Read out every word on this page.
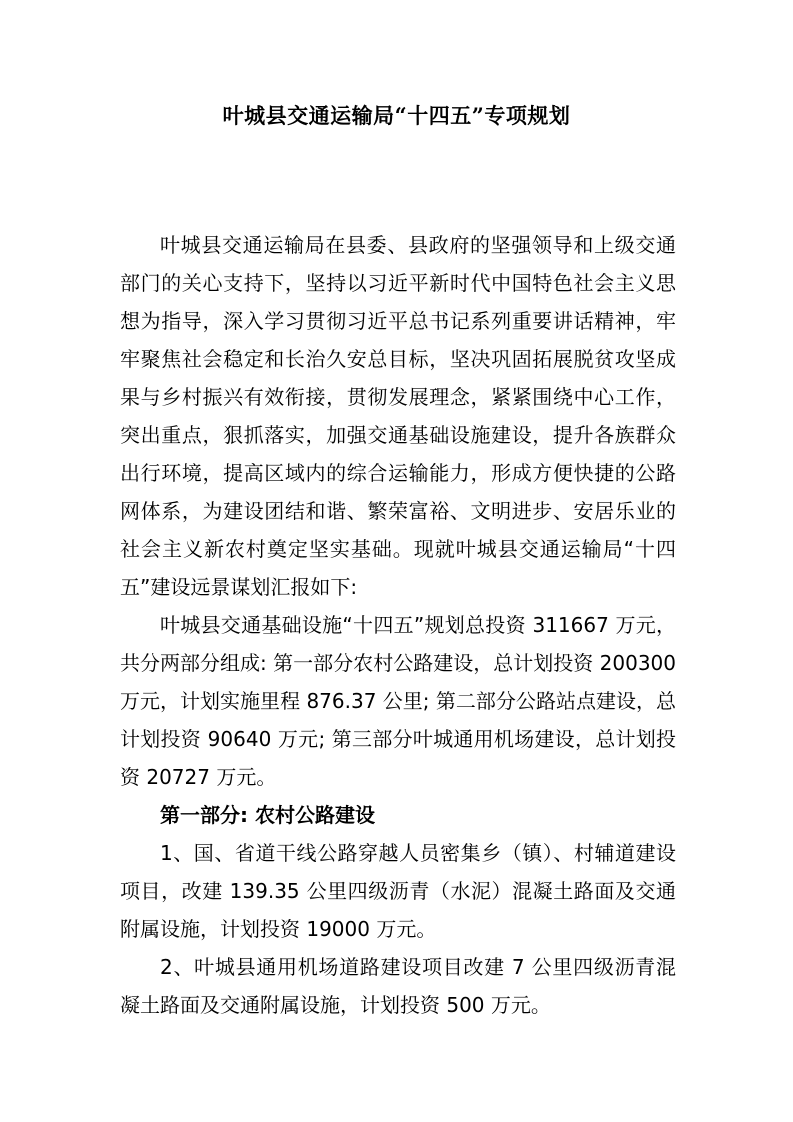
叶城县交通运输局“十四五”专项规划

叶城县交通运输局在县委、县政府的坚强领导和上级交通部门的关心支持下，坚持以习近平新时代中国特色社会主义思想为指导，深入学习贯彻习近平总书记系列重要讲话精神，牢牢聚焦社会稳定和长治久安总目标，坚决巩固拓展脱贫攻坚成果与乡村振兴有效衔接，贯彻发展理念，紧紧围绕中心工作，突出重点，狠抓落实，加强交通基础设施建设，提升各族群众出行环境，提高区域内的综合运输能力，形成方便快捷的公路网体系，为建设团结和谐、繁荣富裕、文明进步、安居乐业的社会主义新农村奠定坚实基础。现就叶城县交通运输局“十四五”建设远景谋划汇报如下:

叶城县交通基础设施“十四五”规划总投资 311667 万元，共分两部分组成: 第一部分农村公路建设，总计划投资 200300 万元，计划实施里程 876.37 公里; 第二部分公路站点建设，总计划投资 90640 万元; 第三部分叶城通用机场建设，总计划投资 20727 万元。

第一部分: 农村公路建设

1、国、省道干线公路穿越人员密集乡（镇）、村辅道建设项目，改建 139.35 公里四级沥青（水泥）混凝土路面及交通附属设施，计划投资 19000 万元。

2、叶城县通用机场道路建设项目改建 7 公里四级沥青混凝土路面及交通附属设施，计划投资 500 万元。
